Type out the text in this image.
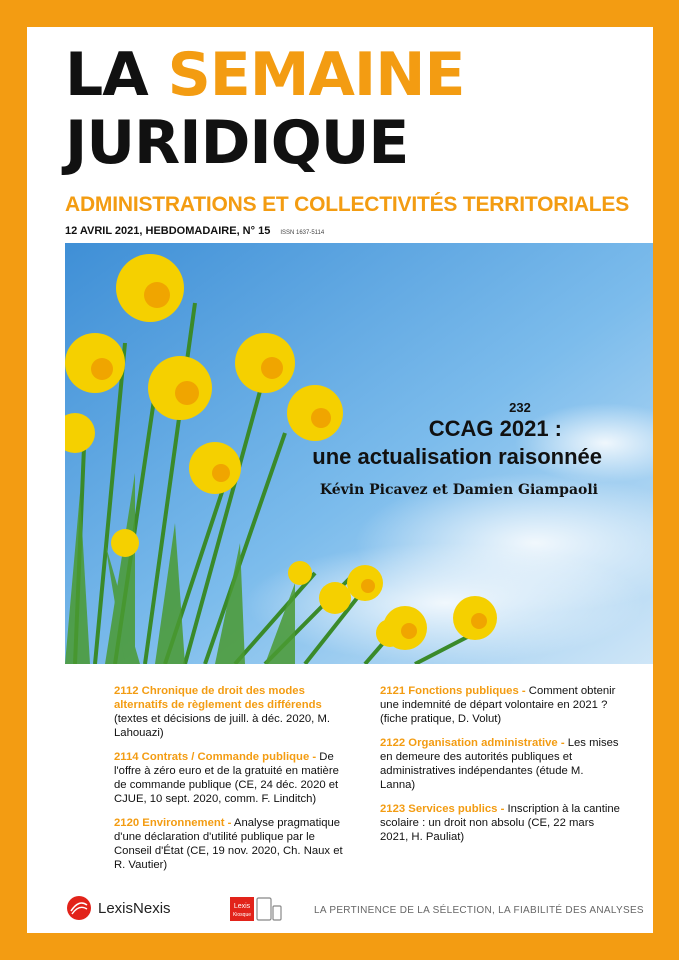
LA SEMAINE
JURIDIQUE
ADMINISTRATIONS ET COLLECTIVITÉS TERRITORIALES
12 AVRIL 2021, HEBDOMADAIRE, N° 15 ISSN 1637-5114
232
CCAG 2021 :
une actualisation raisonnée
Kévin Picavez et Damien Giampaoli
2112 Chronique de droit des modes alternatifs de règlement des différends (textes et décisions de juill. à déc. 2020, M. Lahouazi)
2114 Contrats / Commande publique - De l'offre à zéro euro et de la gratuité en matière de commande publique (CE, 24 déc. 2020 et CJUE, 10 sept. 2020, comm. F. Linditch)
2120 Environnement - Analyse pragmatique d'une déclaration d'utilité publique par le Conseil d'État (CE, 19 nov. 2020, Ch. Naux et R. Vautier)
2121 Fonctions publiques - Comment obtenir une indemnité de départ volontaire en 2021 ? (fiche pratique, D. Volut)
2122 Organisation administrative - Les mises en demeure des autorités publiques et administratives indépendantes (étude M. Lanna)
2123 Services publics - Inscription à la cantine scolaire : un droit non absolu (CE, 22 mars 2021, H. Pauliat)
LexisNexis	Lexis
Kiosque	LA PERTINENCE DE LA SÉLECTION, LA FIABILITÉ DES ANALYSES
